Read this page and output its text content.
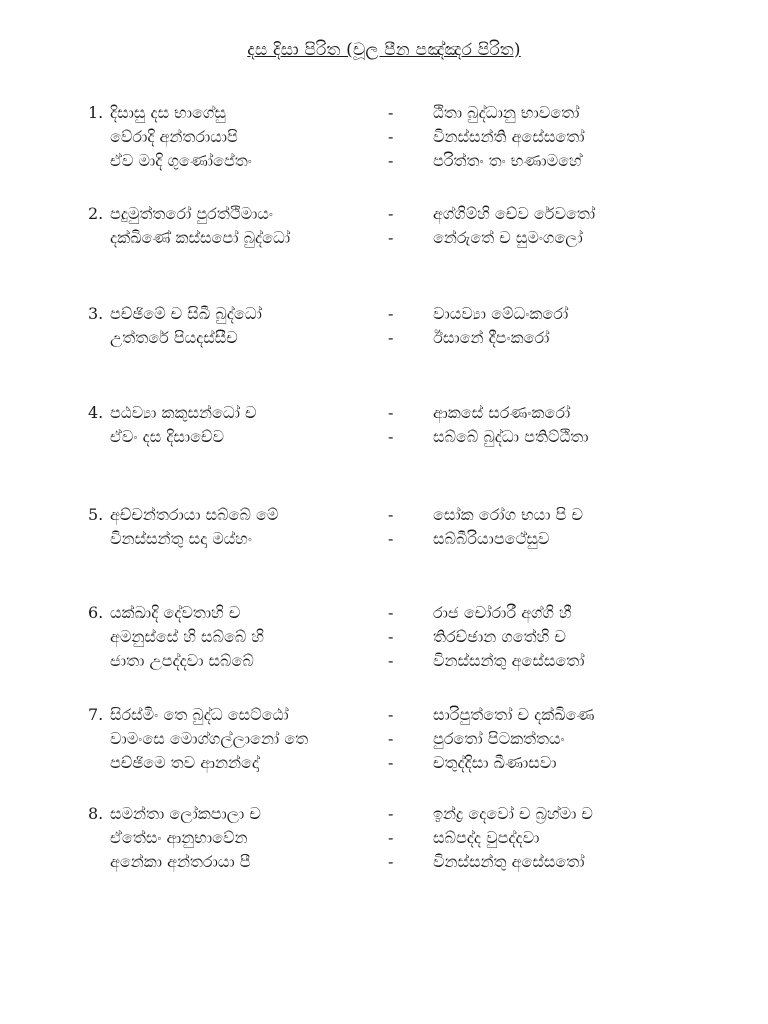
දස දිසා පිරිත (චූල පීන පඤ්ඤර පිරිත)
1. දිසාසු දස භාගේසු	- ඨිතා බුද්ධානු භාවතෝ
වේරාදි අන්තරායාපි	- විනස්සන්ති අසේසතෝ
ඒව මාදි ගුණෝපේතං	- පරිත්තං තං භණාමහේ
2. පදුමුත්තරෝ පුරත්ථිමායං	- අග්ගිම්හි චේව රේවතෝ
දක්ඛිණේ කස්සපෝ බුද්ධෝ	- නේරුතේ ච සුමංගලෝ
3. පච්ඡිමේ ච සිඛී බුද්ධෝ	- වායව්‍යා මේධංකරෝ
උත්තරේ පියදස්සීච	- ඊසානේ දීපංකරෝ
4. පඨව්‍යා කකුසන්ධෝ ච	- ආකසේ සරණංකරෝ
ඒවං දස දිසාචේව	- සබ්බේ බුද්ධා පතිට්ඨිතා
5. අච්චන්තරායා සබ්බේ මේ	- සෝක රෝග භයා පි ච
විනස්සන්තු සදා මය්හං	- සබ්බීරියාපථේසුව
6. යක්ඛාදි දේවතාහි ච	- රාජ චෝරාරී අග්ගි හී
අමනුස්සේ හි සබ්බේ හි	- තිරච්ඡාන ගතේහි ච
ජාතා උපද්දවා සබ්බේ	- විනස්සන්තු අසේසතෝ
7. සිරස්මිං තෙ බුද්ධ සෙට්ඨෝ	- සාරිපුත්තෝ ච දක්ඛිණෙ
වාමංසෙ මොග්ගල්ලානෝ තෙ	- පුරතෝ පිටකත්තයං
පච්ඡිමෙ තව ආනන්දෝ	- චතුද්දිසා ඛීණාසවා
8. සමන්තා ලෝකපාලා ච	- ඉන්ද්‍ර දෙවෝ ච බ්‍රහ්මා ච
ඒතේසං ආනුභාවේන	- සබ්පද්ද වුපද්දවා
අනේකා අන්තරායා පී	- විනස්සන්තු අසේසතෝ
